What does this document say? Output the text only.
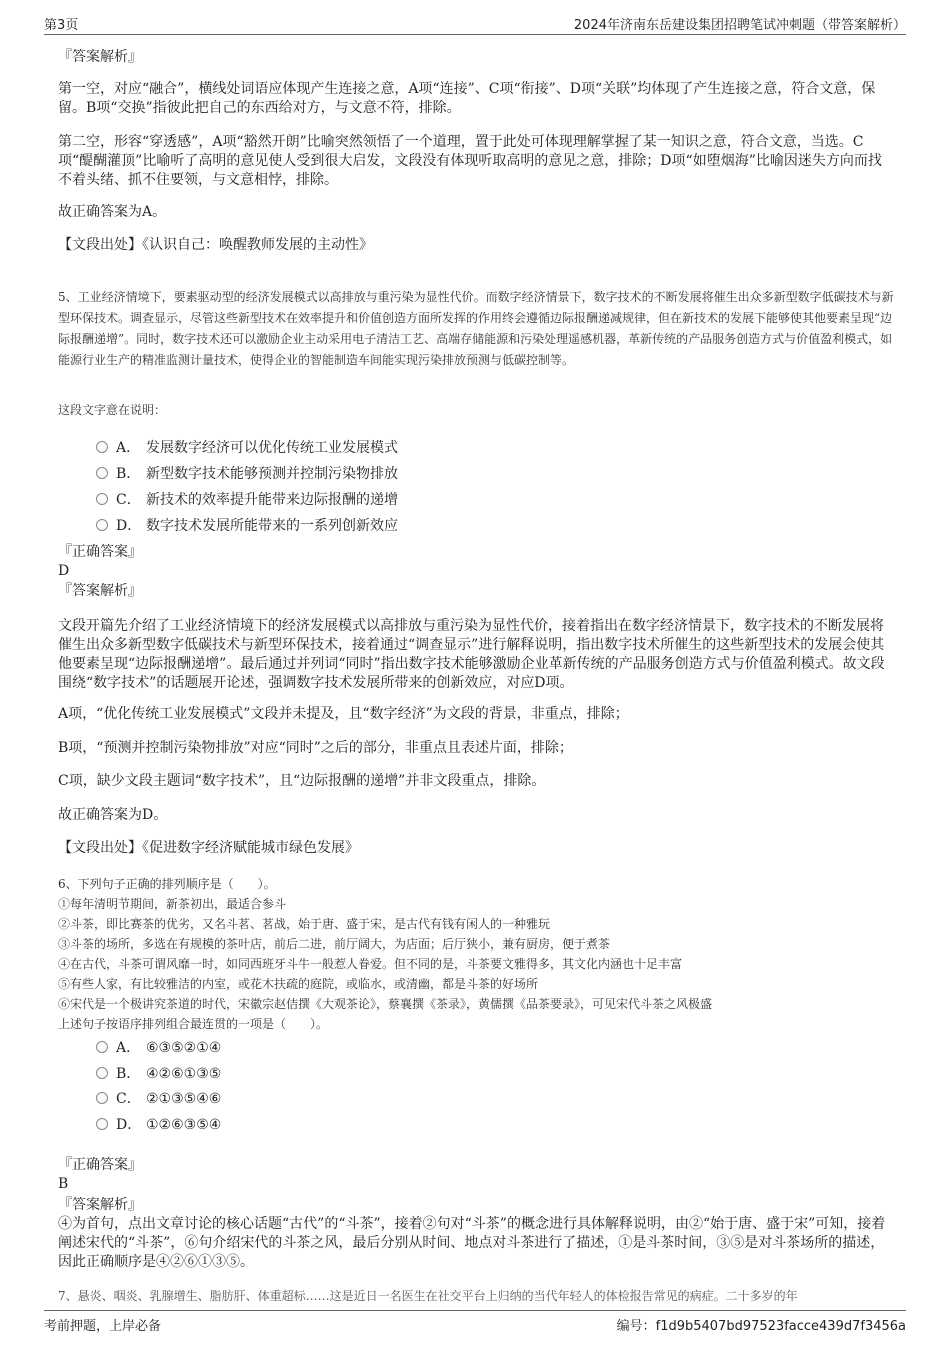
第3页	2024年济南东岳建设集团招聘笔试冲刺题（带答案解析）
『答案解析』
第一空，对应“融合”，横线处词语应体现产生连接之意，A项“连接”、C项“衔接”、D项“关联”均体现了产生连接之意，符合文意，保留。B项“交换”指彼此把自己的东西给对方，与文意不符，排除。
第二空，形容“穿透感”，A项“豁然开朗”比喻突然领悟了一个道理，置于此处可体现理解掌握了某一知识之意，符合文意，当选。C项“醍醐灌顶”比喻听了高明的意见使人受到很大启发，文段没有体现听取高明的意见之意，排除；D项“如堕烟海”比喻因迷失方向而找不着头绪、抓不住要领，与文意相悖，排除。
故正确答案为A。
【文段出处】《认识自己：唤醒教师发展的主动性》
5、工业经济情境下，要素驱动型的经济发展模式以高排放与重污染为显性代价。而数字经济情景下，数字技术的不断发展将催生出众多新型数字低碳技术与新型环保技术。调查显示，尽管这些新型技术在效率提升和价值创造方面所发挥的作用终会遵循边际报酬递减规律，但在新技术的发展下能够使其他要素呈现“边际报酬递增”。同时，数字技术还可以激励企业主动采用电子清洁工艺、高端存储能源和污染处理遥感机器，革新传统的产品服务创造方式与价值盈利模式，如能源行业生产的精准监测计量技术，使得企业的智能制造车间能实现污染排放预测与低碳控制等。
这段文字意在说明：
A． 发展数字经济可以优化传统工业发展模式
B． 新型数字技术能够预测并控制污染物排放
C． 新技术的效率提升能带来边际报酬的递增
D． 数字技术发展所能带来的一系列创新效应
『正确答案』
D
『答案解析』
文段开篇先介绍了工业经济情境下的经济发展模式以高排放与重污染为显性代价，接着指出在数字经济情景下，数字技术的不断发展将催生出众多新型数字低碳技术与新型环保技术，接着通过“调查显示”进行解释说明，指出数字技术所催生的这些新型技术的发展会使其他要素呈现“边际报酬递增”。最后通过并列词“同时”指出数字技术能够激励企业革新传统的产品服务创造方式与价值盈利模式。故文段围绕“数字技术”的话题展开论述，强调数字技术发展所带来的创新效应，对应D项。
A项，“优化传统工业发展模式”文段并未提及，且“数字经济”为文段的背景，非重点，排除；
B项，“预测并控制污染物排放”对应“同时”之后的部分，非重点且表述片面，排除；
C项，缺少文段主题词“数字技术”，且“边际报酬的递增”并非文段重点，排除。
故正确答案为D。
【文段出处】《促进数字经济赋能城市绿色发展》
6、下列句子正确的排列顺序是（　　）。
①每年清明节期间，新茶初出，最适合参斗
②斗茶，即比赛茶的优劣，又名斗茗、茗战，始于唐、盛于宋，是古代有钱有闲人的一种雅玩
③斗茶的场所，多选在有规模的茶叶店，前后二进，前厅阔大，为店面；后厅狭小，兼有厨房，便于煮茶
④在古代，斗茶可谓风靡一时，如同西班牙斗牛一般惹人眷爱。但不同的是，斗茶要文雅得多，其文化内涵也十足丰富
⑤有些人家，有比较雅洁的内室，或花木扶疏的庭院，或临水，或清幽，都是斗茶的好场所
⑥宋代是一个极讲究茶道的时代，宋徽宗赵佶撰《大观茶论》，蔡襄撰《茶录》，黄儒撰《品茶要录》，可见宋代斗茶之风极盛
上述句子按语序排列组合最连贯的一项是（　　）。
A． ⑥③⑤②①④
B． ④②⑥①③⑤
C． ②①③⑤④⑥
D． ①②⑥③⑤④
『正确答案』
B
『答案解析』
④为首句，点出文章讨论的核心话题“古代”的“斗茶”，接着②句对“斗茶”的概念进行具体解释说明，由②“始于唐、盛于宋”可知，接着阐述宋代的“斗茶”，⑥句介绍宋代的斗茶之风，最后分别从时间、地点对斗茶进行了描述，①是斗茶时间，③⑤是对斗茶场所的描述，因此正确顺序是④②⑥①③⑤。
7、悬炎、咽炎、乳腺增生、脂肪肝、体重超标……这是近日一名医生在社交平台上归纳的当代年轻人的体检报告常见的病症。二十多岁的年
考前押题，上岸必备	编号：f1d9b5407bd97523facce439d7f3456a
